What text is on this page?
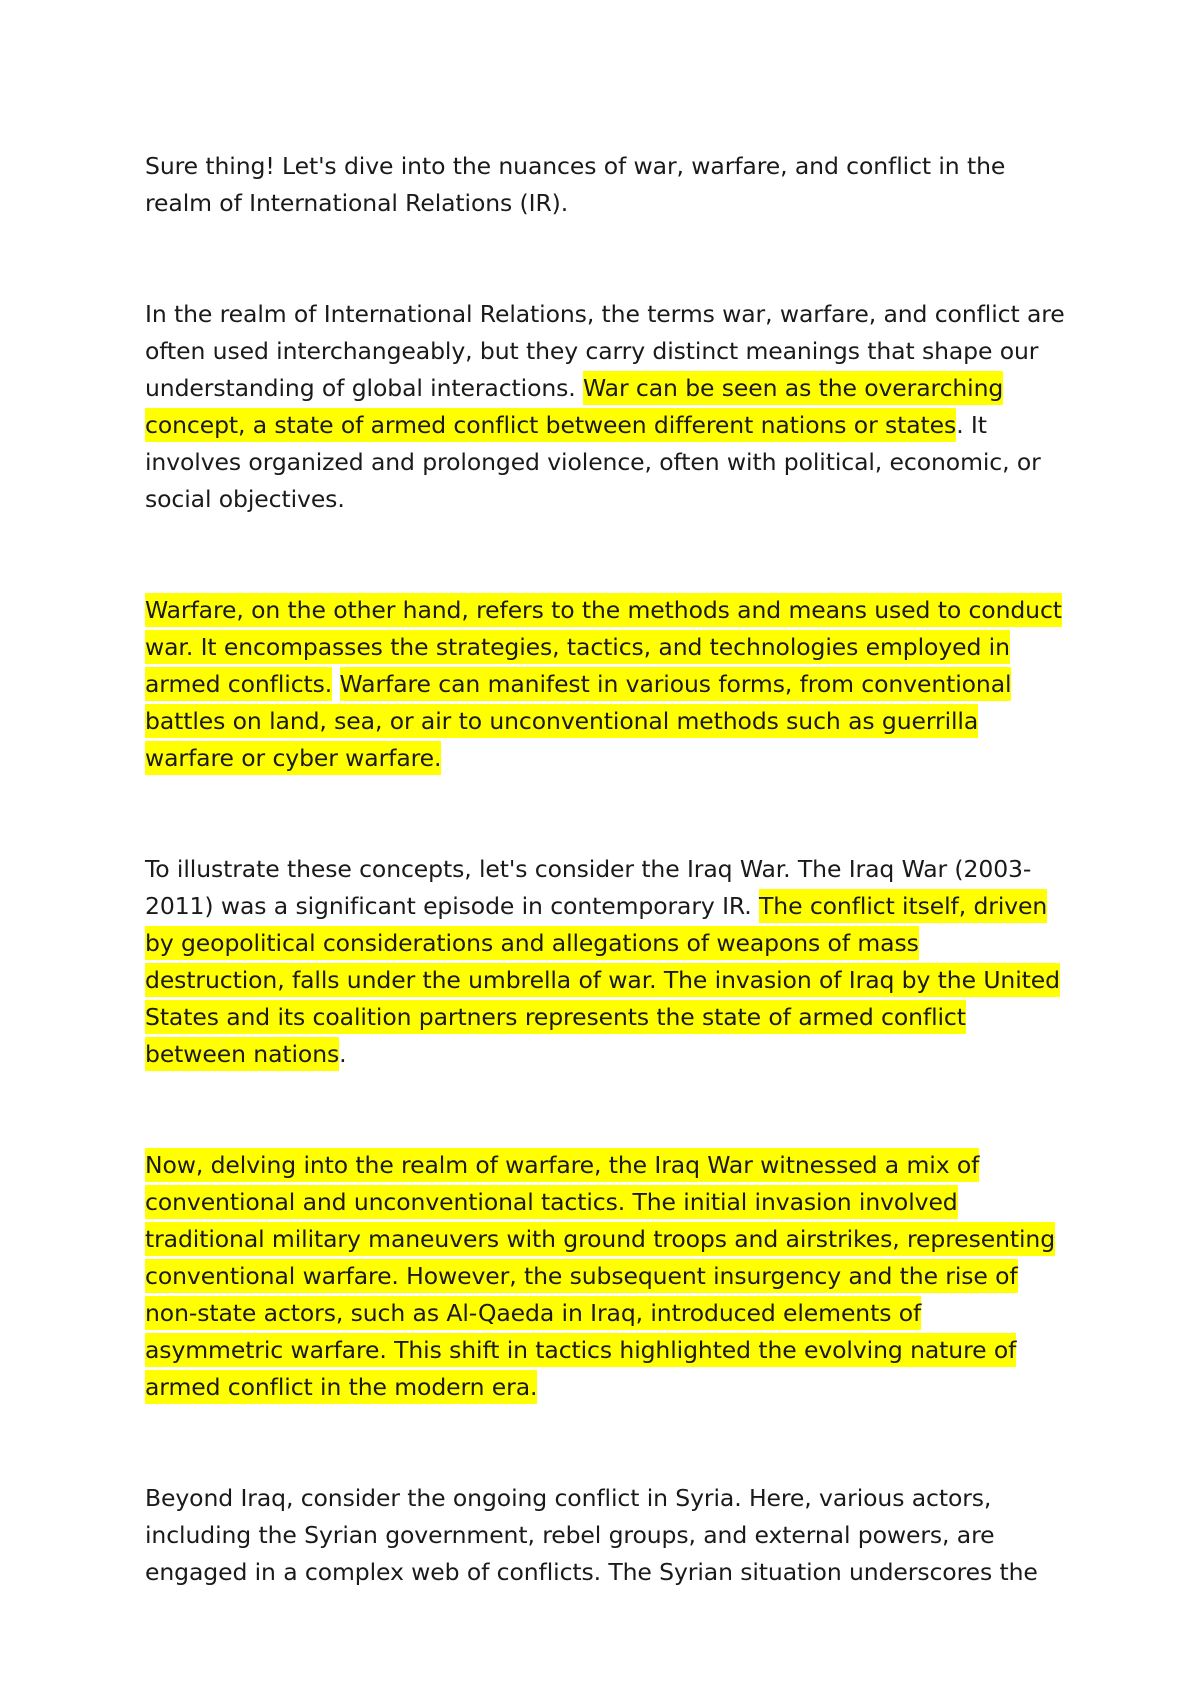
Sure thing! Let's dive into the nuances of war, warfare, and conflict in the realm of International Relations (IR).

In the realm of International Relations, the terms war, warfare, and conflict are often used interchangeably, but they carry distinct meanings that shape our understanding of global interactions. War can be seen as the overarching concept, a state of armed conflict between different nations or states. It involves organized and prolonged violence, often with political, economic, or social objectives.

Warfare, on the other hand, refers to the methods and means used to conduct war. It encompasses the strategies, tactics, and technologies employed in armed conflicts. Warfare can manifest in various forms, from conventional battles on land, sea, or air to unconventional methods such as guerrilla warfare or cyber warfare.

To illustrate these concepts, let's consider the Iraq War. The Iraq War (2003-2011) was a significant episode in contemporary IR. The conflict itself, driven by geopolitical considerations and allegations of weapons of mass destruction, falls under the umbrella of war. The invasion of Iraq by the United States and its coalition partners represents the state of armed conflict between nations.

Now, delving into the realm of warfare, the Iraq War witnessed a mix of conventional and unconventional tactics. The initial invasion involved traditional military maneuvers with ground troops and airstrikes, representing conventional warfare. However, the subsequent insurgency and the rise of non-state actors, such as Al-Qaeda in Iraq, introduced elements of asymmetric warfare. This shift in tactics highlighted the evolving nature of armed conflict in the modern era.

Beyond Iraq, consider the ongoing conflict in Syria. Here, various actors, including the Syrian government, rebel groups, and external powers, are engaged in a complex web of conflicts. The Syrian situation underscores the
